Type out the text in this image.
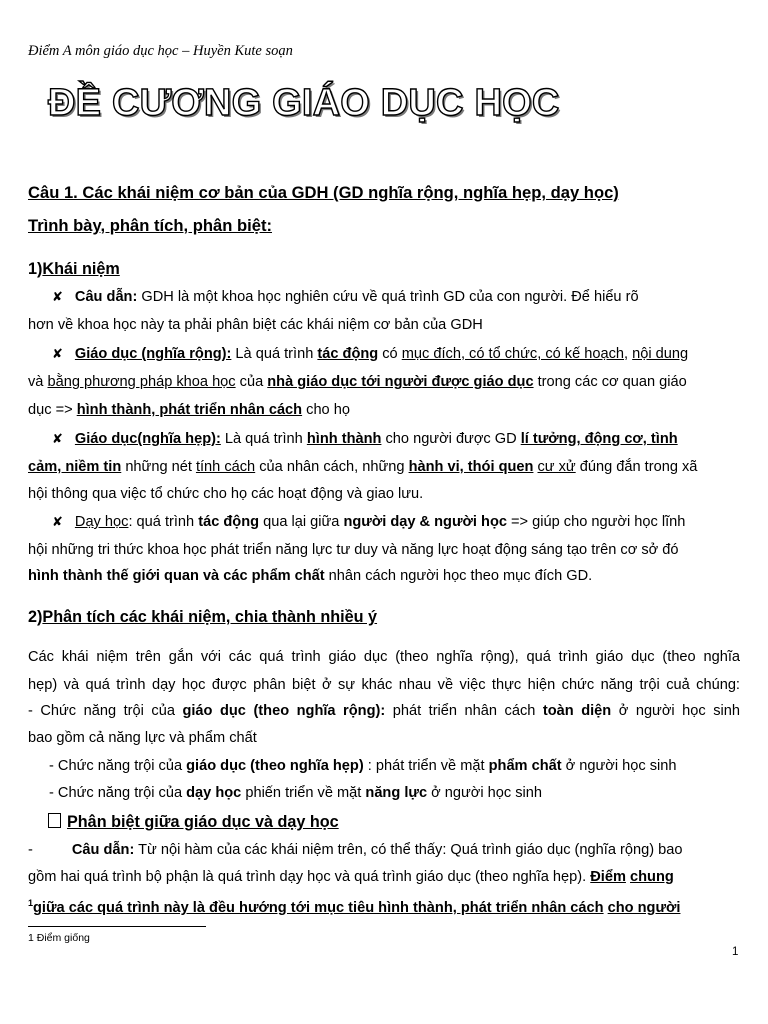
Điểm A môn giáo dục học – Huyền Kute soạn
ĐỀ CƯƠNG GIÁO DỤC HỌC
Câu 1. Các khái niệm cơ bản của GDH (GD nghĩa rộng, nghĩa hẹp, dạy học)
Trình bày, phân tích, phân biệt:
1)Khái niệm
✘ Câu dẫn: GDH là một khoa học nghiên cứu về quá trình GD của con người. Để hiểu rõ
hơn về khoa học này ta phải phân biệt các khái niệm cơ bản của GDH
✘ Giáo dục (nghĩa rộng): Là quá trình tác động có mục đích, có tổ chức, có kế hoạch, nội dung
và bằng phương pháp khoa học của nhà giáo dục tới người được giáo dục trong các cơ quan giáo
dục => hình thành, phát triển nhân cách cho họ
✘ Giáo dục(nghĩa hẹp): Là quá trình hình thành cho người được GD lí tưởng, động cơ, tình
cảm, niềm tin những nét tính cách của nhân cách, những hành vi, thói quen cư xử đúng đắn trong xã
hội thông qua việc tổ chức cho họ các hoạt động và giao lưu.
✘ Dạy học: quá trình tác động qua lại giữa người dạy & người học => giúp cho người học lĩnh
hội những tri thức khoa học phát triển năng lực tư duy và năng lực hoạt động sáng tạo trên cơ sở đó
hình thành thế giới quan và các phẩm chất nhân cách người học theo mục đích GD.
2)Phân tích các khái niệm, chia thành nhiều ý
Các khái niệm trên gắn với các quá trình giáo dục (theo nghĩa rộng), quá trình giáo dục (theo nghĩa
hẹp) và quá trình dạy học được phân biệt ở sự khác nhau về việc thực hiện chức năng trội cuả chúng:
- Chức năng trội của giáo dục (theo nghĩa rộng): phát triển nhân cách toàn diện ở người học sinh
bao gồm cả năng lực và phẩm chất
- Chức năng trội của giáo dục (theo nghĩa hẹp) : phát triển về mặt phẩm chất ở người học sinh
- Chức năng trội của dạy học phiến triển về mặt năng lực ở người học sinh
Phân biệt giữa giáo dục và dạy học
-	Câu dẫn: Từ nội hàm của các khái niệm trên, có thể thấy: Quá trình giáo dục (nghĩa rộng) bao
gồm hai quá trình bộ phận là quá trình dạy học và quá trình giáo dục (theo nghĩa hẹp). Điểm chung
$^1$giữa các quá trình này là đều hướng tới mục tiêu hình thành, phát triển nhân cách cho người
1 Điểm giống
1
